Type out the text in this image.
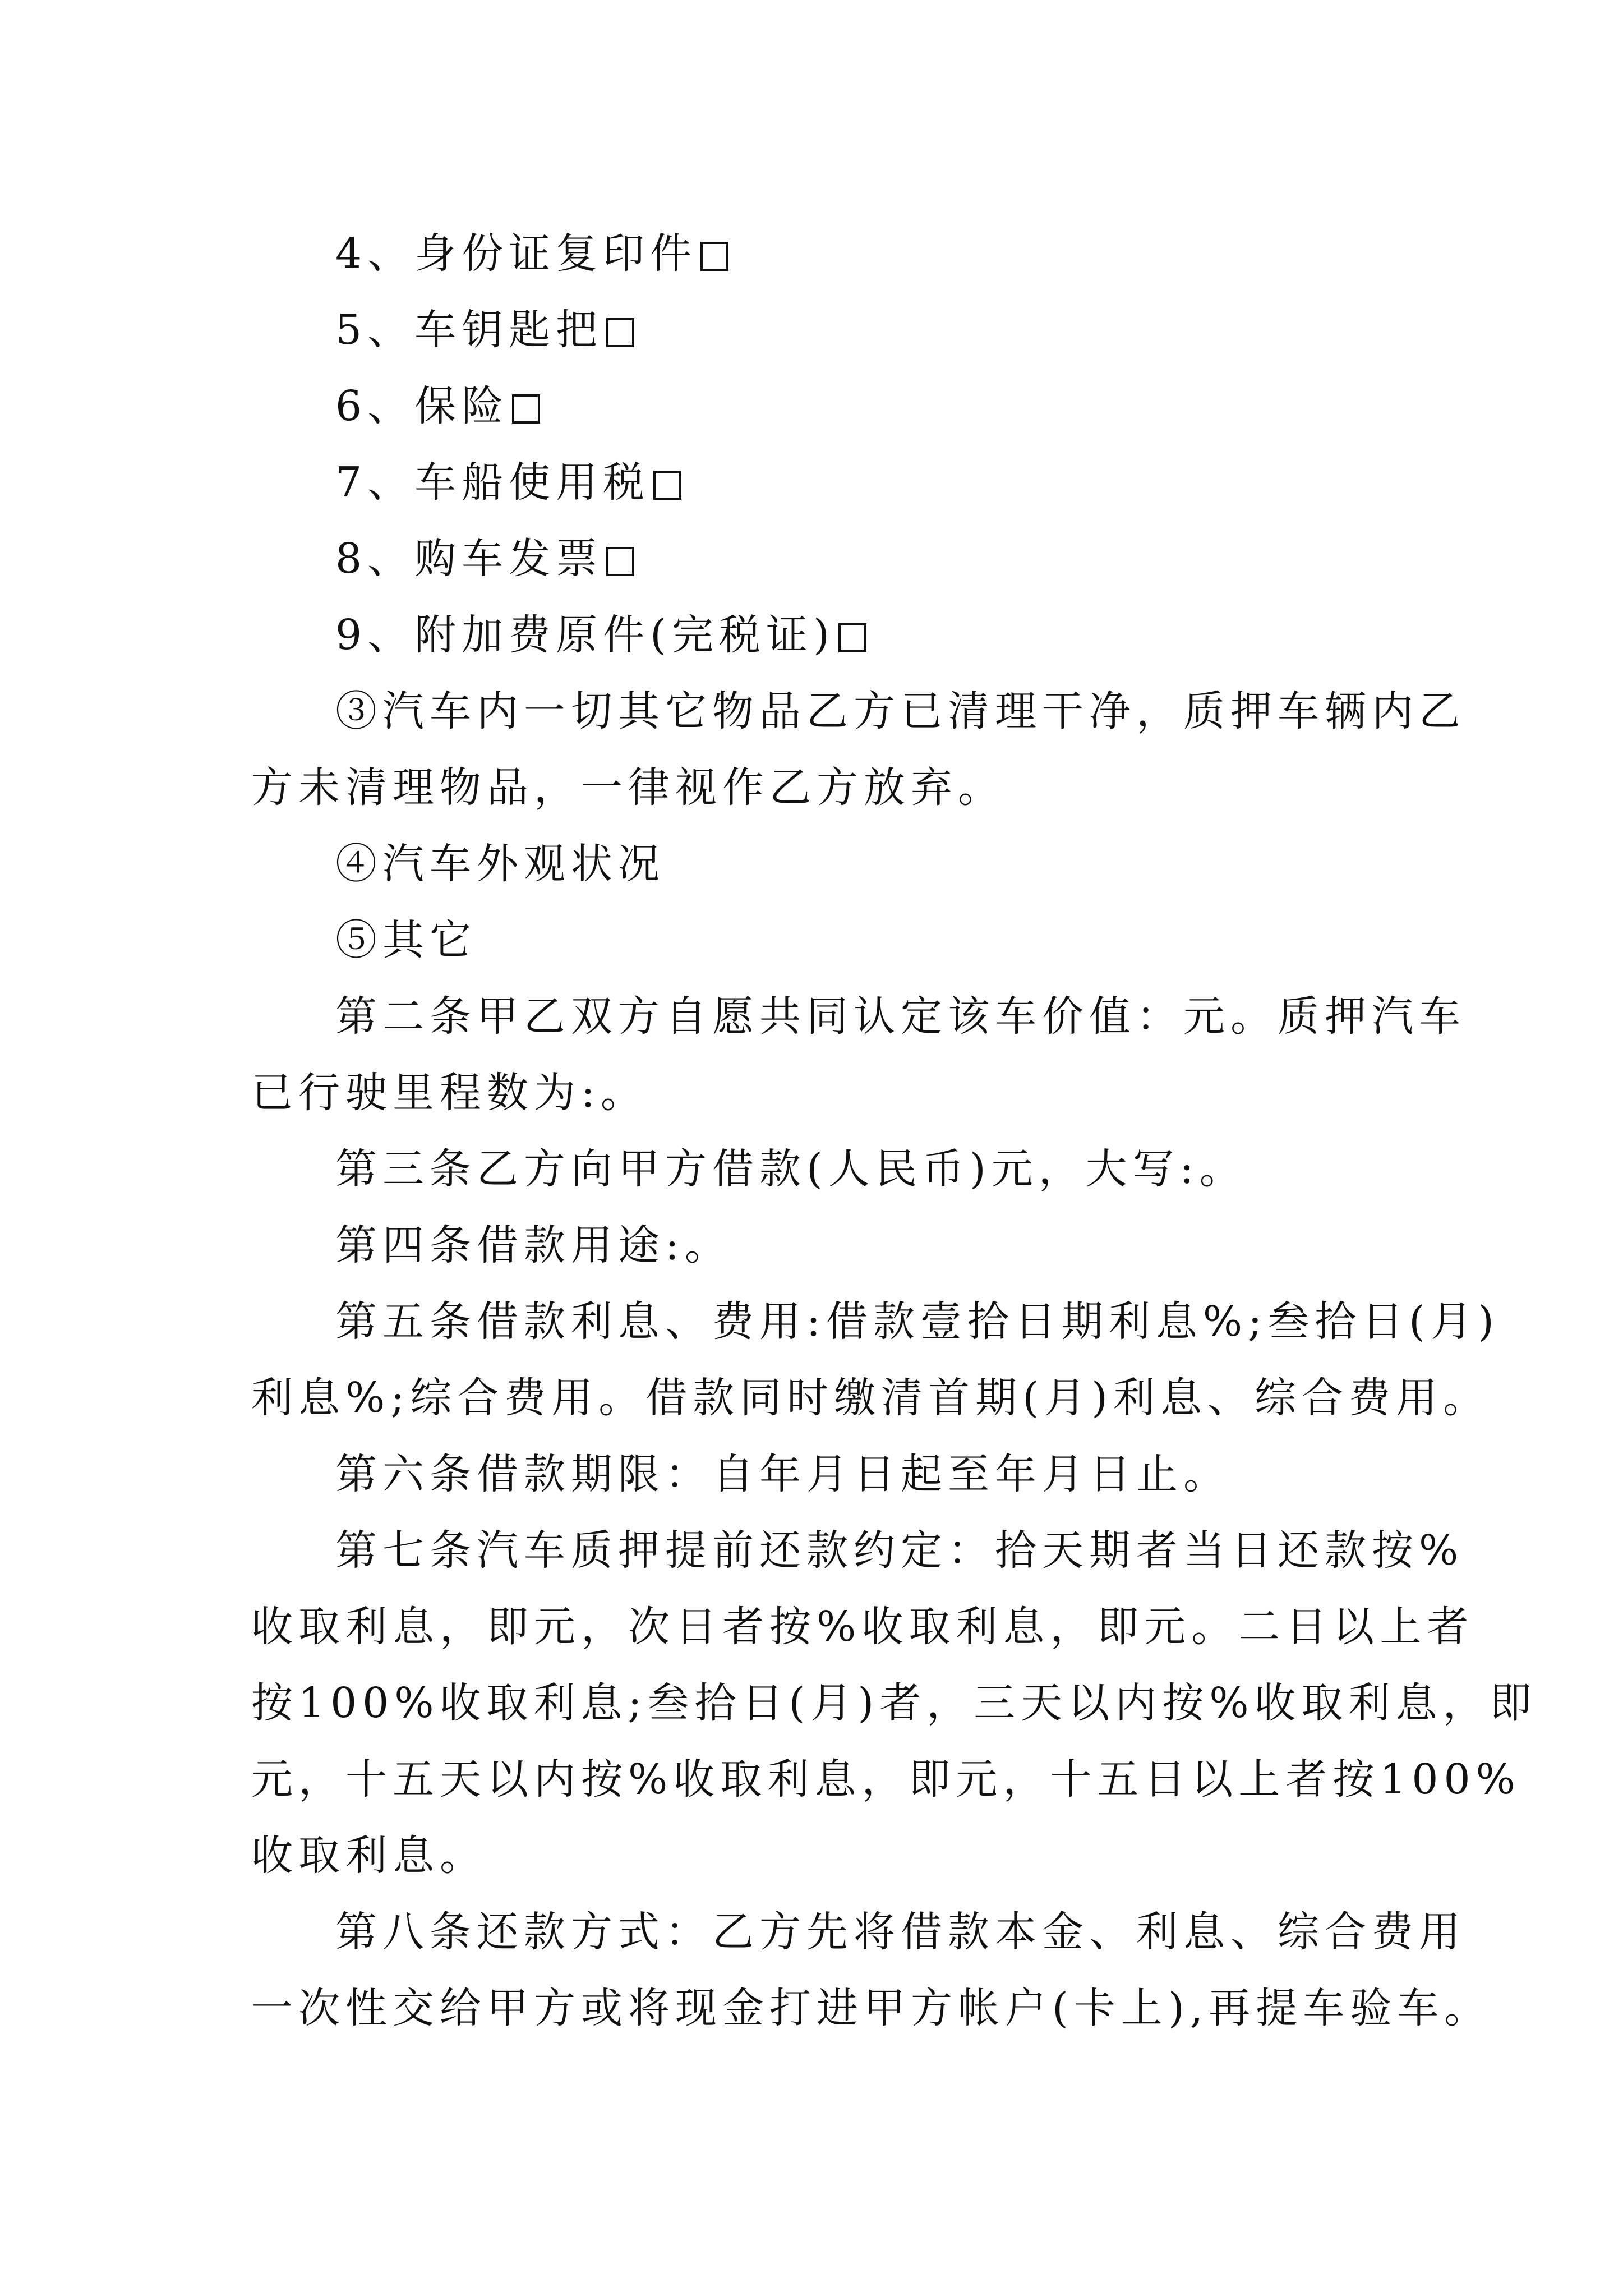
4、身份证复印件

5、车钥匙把

6、保险

7、车船使用税

8、购车发票

9、附加费原件(完税证)

③汽车内一切其它物品乙方已清理干净，质押车辆内乙

方未清理物品，一律视作乙方放弃。

④汽车外观状况

⑤其它

第二条甲乙双方自愿共同认定该车价值：元。质押汽车

已行驶里程数为:。

第三条乙方向甲方借款(人民币)元，大写:。

第四条借款用途:。

第五条借款利息、费用:借款壹拾日期利息%;叁拾日(月)

利息%;综合费用。借款同时缴清首期(月)利息、综合费用。

第六条借款期限：自年月日起至年月日止。

第七条汽车质押提前还款约定：拾天期者当日还款按%

收取利息，即元，次日者按%收取利息，即元。二日以上者

按100%收取利息;叁拾日(月)者，三天以内按%收取利息，即

元，十五天以内按%收取利息，即元，十五日以上者按100%

收取利息。

第八条还款方式：乙方先将借款本金、利息、综合费用

一次性交给甲方或将现金打进甲方帐户(卡上),再提车验车。
